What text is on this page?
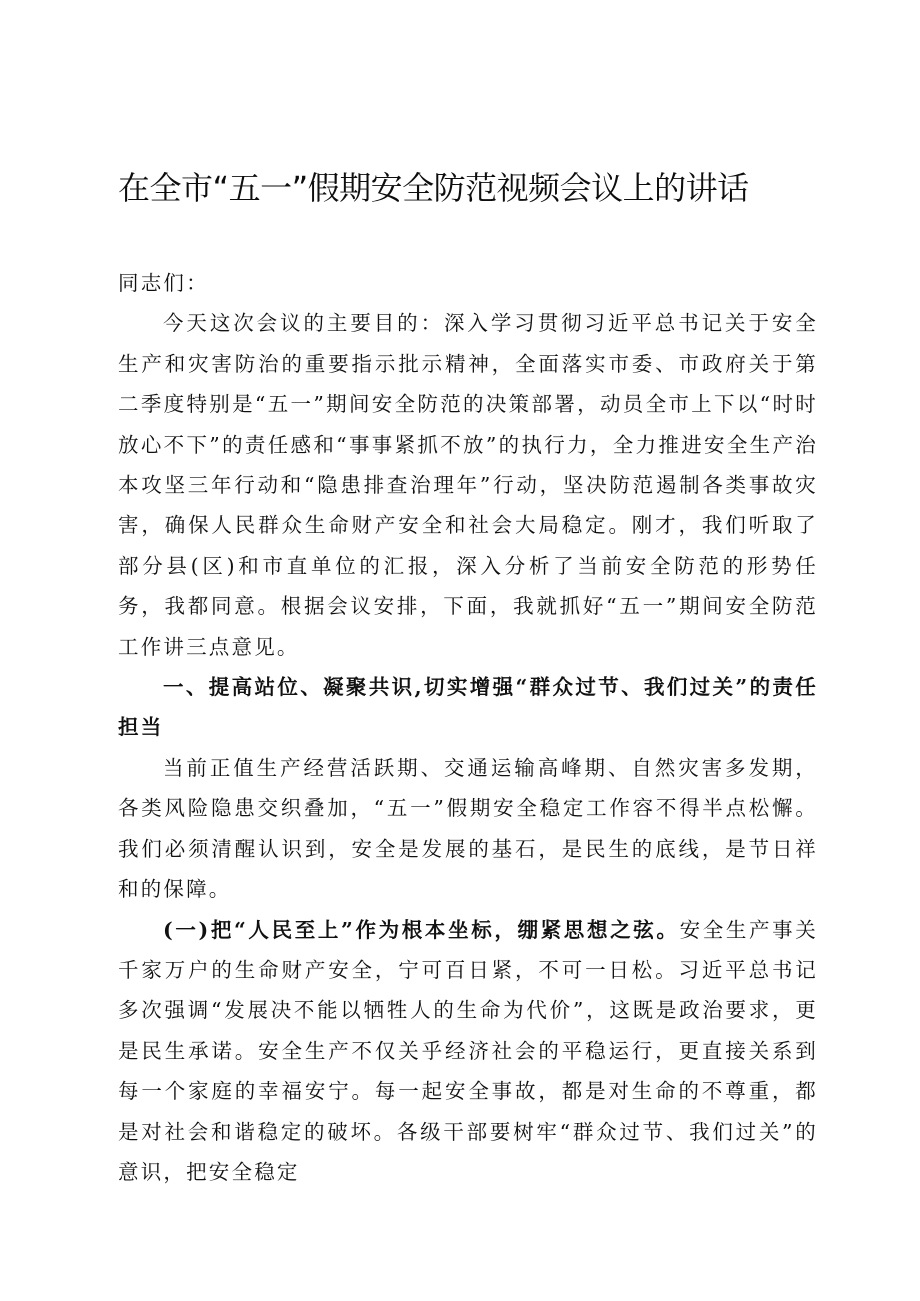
在全市“五一”假期安全防范视频会议上的讲话

同志们：

今天这次会议的主要目的：深入学习贯彻习近平总书记关于安全生产和灾害防治的重要指示批示精神，全面落实市委、市政府关于第二季度特别是“五一”期间安全防范的决策部署，动员全市上下以“时时放心不下”的责任感和“事事紧抓不放”的执行力，全力推进安全生产治本攻坚三年行动和“隐患排查治理年”行动，坚决防范遏制各类事故灾害，确保人民群众生命财产安全和社会大局稳定。刚才，我们听取了部分县(区)和市直单位的汇报，深入分析了当前安全防范的形势任务，我都同意。根据会议安排，下面，我就抓好“五一”期间安全防范工作讲三点意见。

一、提高站位、凝聚共识,切实增强“群众过节、我们过关”的责任担当

当前正值生产经营活跃期、交通运输高峰期、自然灾害多发期，各类风险隐患交织叠加，“五一”假期安全稳定工作容不得半点松懈。我们必须清醒认识到，安全是发展的基石，是民生的底线，是节日祥和的保障。

(一)把“人民至上”作为根本坐标，绷紧思想之弦。安全生产事关千家万户的生命财产安全，宁可百日紧，不可一日松。习近平总书记多次强调“发展决不能以牺牲人的生命为代价”，这既是政治要求，更是民生承诺。安全生产不仅关乎经济社会的平稳运行，更直接关系到每一个家庭的幸福安宁。每一起安全事故，都是对生命的不尊重，都是对社会和谐稳定的破坏。各级干部要树牢“群众过节、我们过关”的意识，把安全稳定
